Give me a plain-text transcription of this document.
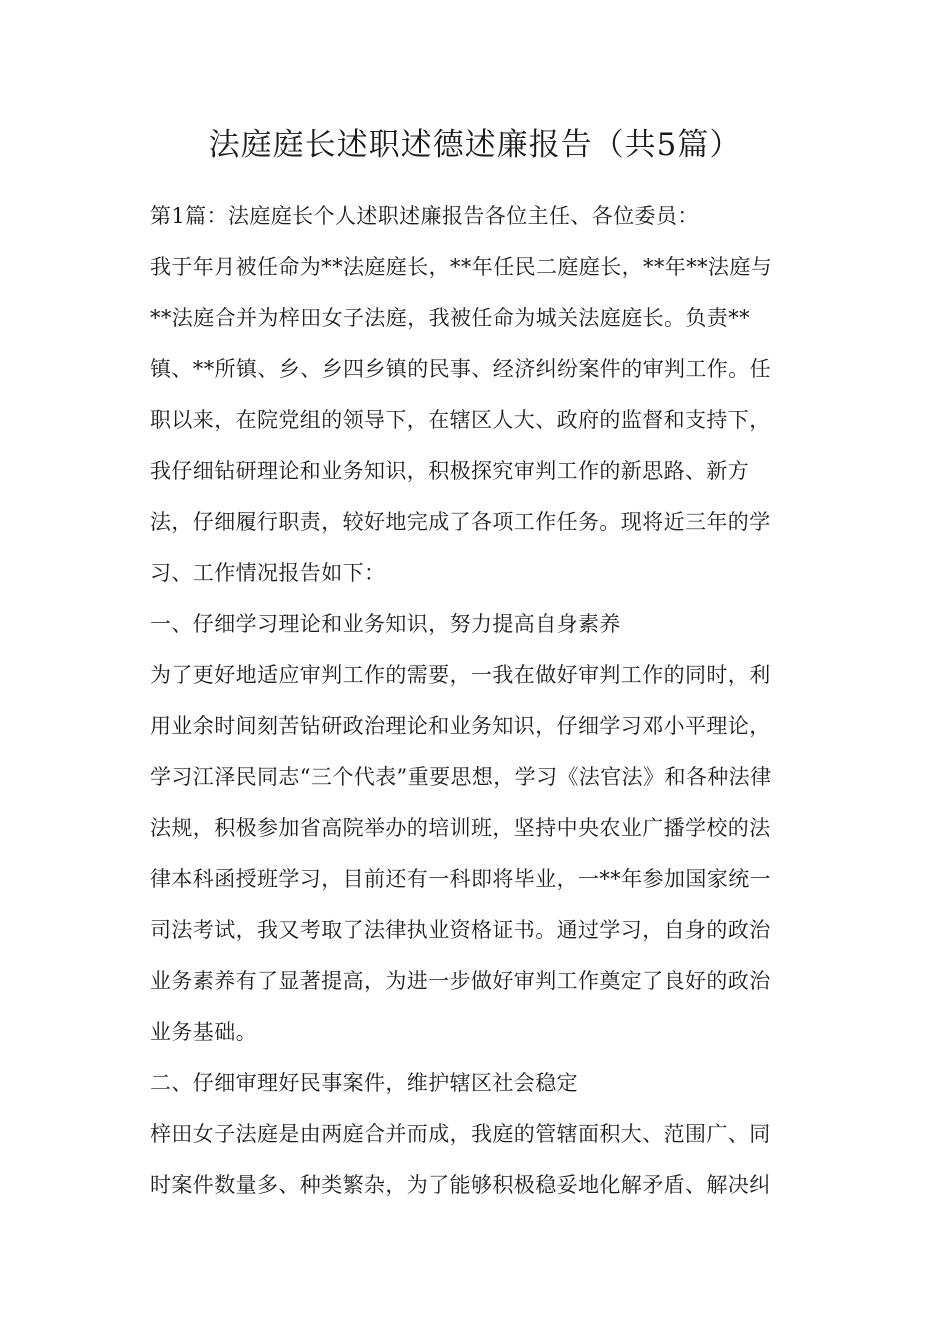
法庭庭长述职述德述廉报告（共5篇）
第1篇：法庭庭长个人述职述廉报告各位主任、各位委员：
我于年月被任命为**法庭庭长，**年任民二庭庭长，**年**法庭与
**法庭合并为梓田女子法庭，我被任命为城关法庭庭长。负责**
镇、**所镇、乡、乡四乡镇的民事、经济纠纷案件的审判工作。任
职以来，在院党组的领导下，在辖区人大、政府的监督和支持下，
我仔细钻研理论和业务知识，积极探究审判工作的新思路、新方
法，仔细履行职责，较好地完成了各项工作任务。现将近三年的学
习、工作情况报告如下：
一、仔细学习理论和业务知识，努力提高自身素养
为了更好地适应审判工作的需要，一我在做好审判工作的同时，利
用业余时间刻苦钻研政治理论和业务知识，仔细学习邓小平理论，
学习江泽民同志“三个代表”重要思想，学习《法官法》和各种法律
法规，积极参加省高院举办的培训班，坚持中央农业广播学校的法
律本科函授班学习，目前还有一科即将毕业，一**年参加国家统一
司法考试，我又考取了法律执业资格证书。通过学习，自身的政治
业务素养有了显著提高，为进一步做好审判工作奠定了良好的政治
业务基础。
二、仔细审理好民事案件，维护辖区社会稳定
梓田女子法庭是由两庭合并而成，我庭的管辖面积大、范围广、同
时案件数量多、种类繁杂，为了能够积极稳妥地化解矛盾、解决纠
